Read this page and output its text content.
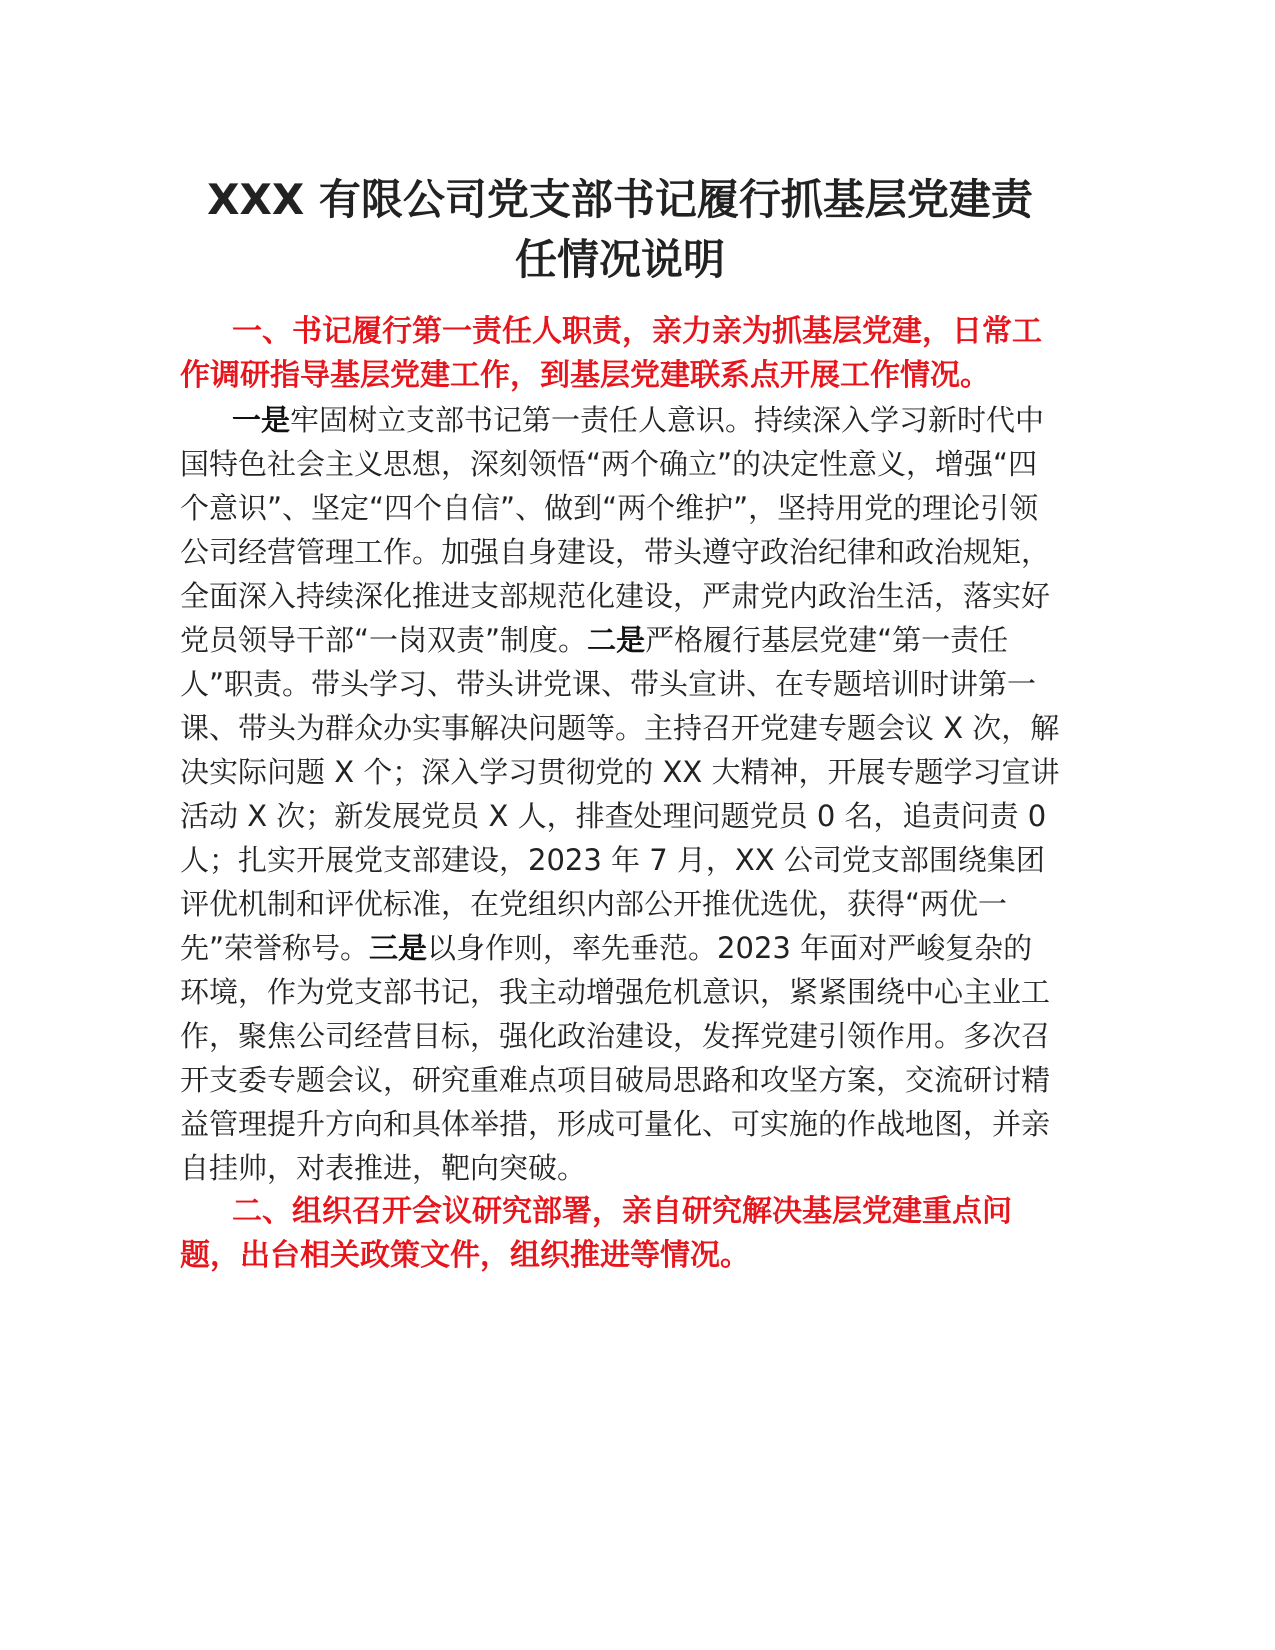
XXX 有限公司党支部书记履行抓基层党建责
任情况说明

一、书记履行第一责任人职责，亲力亲为抓基层党建，日常工作调研指导基层党建工作，到基层党建联系点开展工作情况。

一是牢固树立支部书记第一责任人意识。持续深入学习新时代中国特色社会主义思想，深刻领悟“两个确立”的决定性意义，增强“四个意识”、坚定“四个自信”、做到“两个维护”，坚持用党的理论引领公司经营管理工作。加强自身建设，带头遵守政治纪律和政治规矩，全面深入持续深化推进支部规范化建设，严肃党内政治生活，落实好党员领导干部“一岗双责”制度。二是严格履行基层党建“第一责任人”职责。带头学习、带头讲党课、带头宣讲、在专题培训时讲第一课、带头为群众办实事解决问题等。主持召开党建专题会议 X 次，解决实际问题 X 个；深入学习贯彻党的 XX 大精神，开展专题学习宣讲活动 X 次；新发展党员 X 人，排查处理问题党员 0 名，追责问责 0 人；扎实开展党支部建设，2023 年 7 月，XX 公司党支部围绕集团评优机制和评优标准，在党组织内部公开推优选优，获得“两优一先”荣誉称号。三是以身作则，率先垂范。2023 年面对严峻复杂的环境，作为党支部书记，我主动增强危机意识，紧紧围绕中心主业工作，聚焦公司经营目标，强化政治建设，发挥党建引领作用。多次召开支委专题会议，研究重难点项目破局思路和攻坚方案，交流研讨精益管理提升方向和具体举措，形成可量化、可实施的作战地图，并亲自挂帅，对表推进，靶向突破。

二、组织召开会议研究部署，亲自研究解决基层党建重点问题，出台相关政策文件，组织推进等情况。
